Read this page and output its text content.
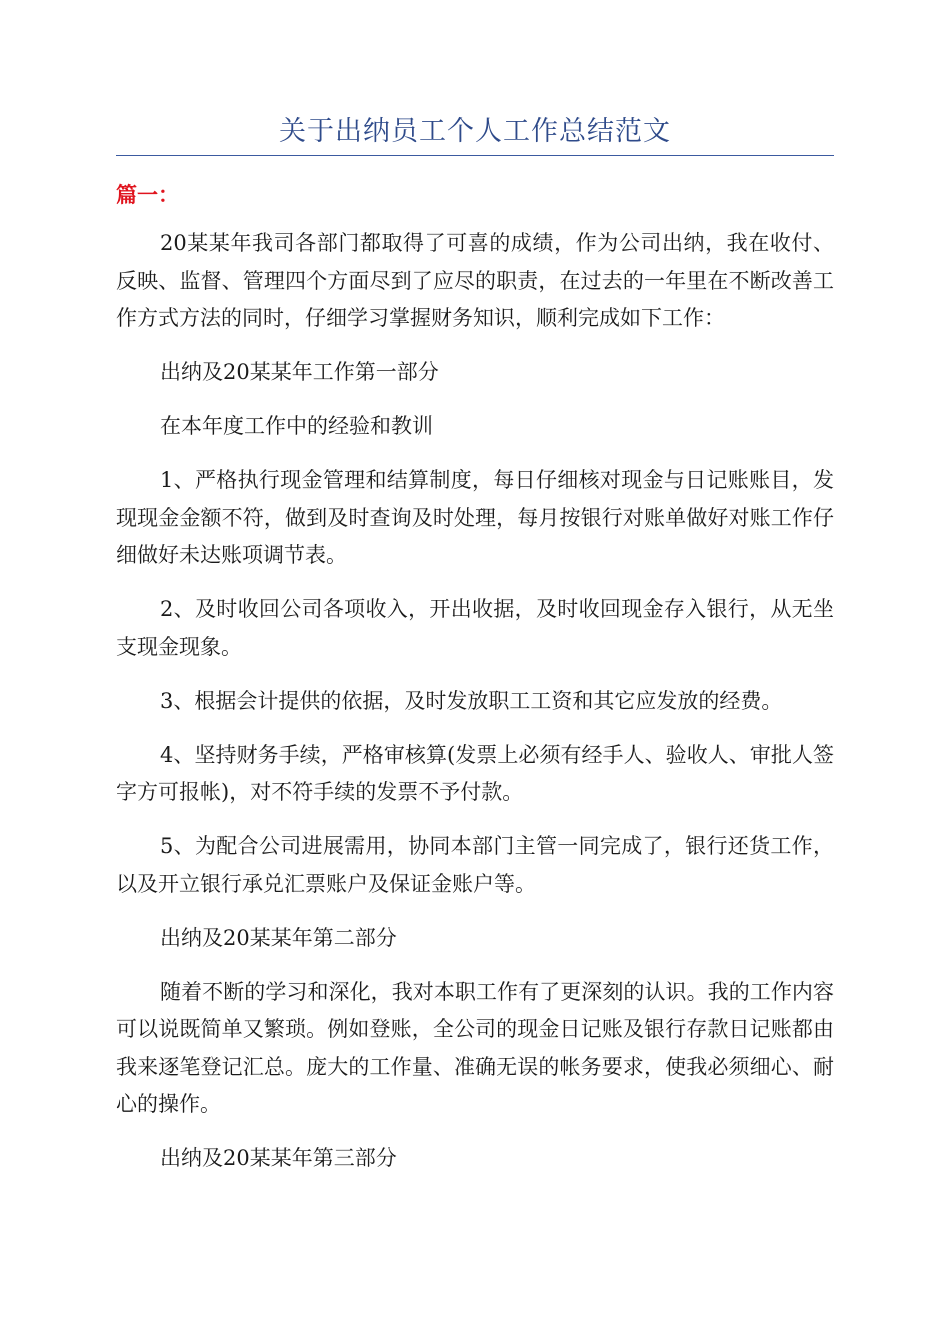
关于出纳员工个人工作总结范文
篇一：

20某某年我司各部门都取得了可喜的成绩，作为公司出纳，我在收付、反映、监督、管理四个方面尽到了应尽的职责，在过去的一年里在不断改善工作方式方法的同时，仔细学习掌握财务知识，顺利完成如下工作：

出纳及20某某年工作第一部分

在本年度工作中的经验和教训

1、严格执行现金管理和结算制度，每日仔细核对现金与日记账账目，发现现金金额不符，做到及时查询及时处理，每月按银行对账单做好对账工作仔细做好未达账项调节表。

2、及时收回公司各项收入，开出收据，及时收回现金存入银行，从无坐支现金现象。

3、根据会计提供的依据，及时发放职工工资和其它应发放的经费。

4、坚持财务手续，严格审核算(发票上必须有经手人、验收人、审批人签字方可报帐)，对不符手续的发票不予付款。

5、为配合公司进展需用，协同本部门主管一同完成了，银行还货工作，以及开立银行承兑汇票账户及保证金账户等。

出纳及20某某年第二部分

随着不断的学习和深化，我对本职工作有了更深刻的认识。我的工作内容可以说既简单又繁琐。例如登账，全公司的现金日记账及银行存款日记账都由我来逐笔登记汇总。庞大的工作量、准确无误的帐务要求，使我必须细心、耐心的操作。

出纳及20某某年第三部分
